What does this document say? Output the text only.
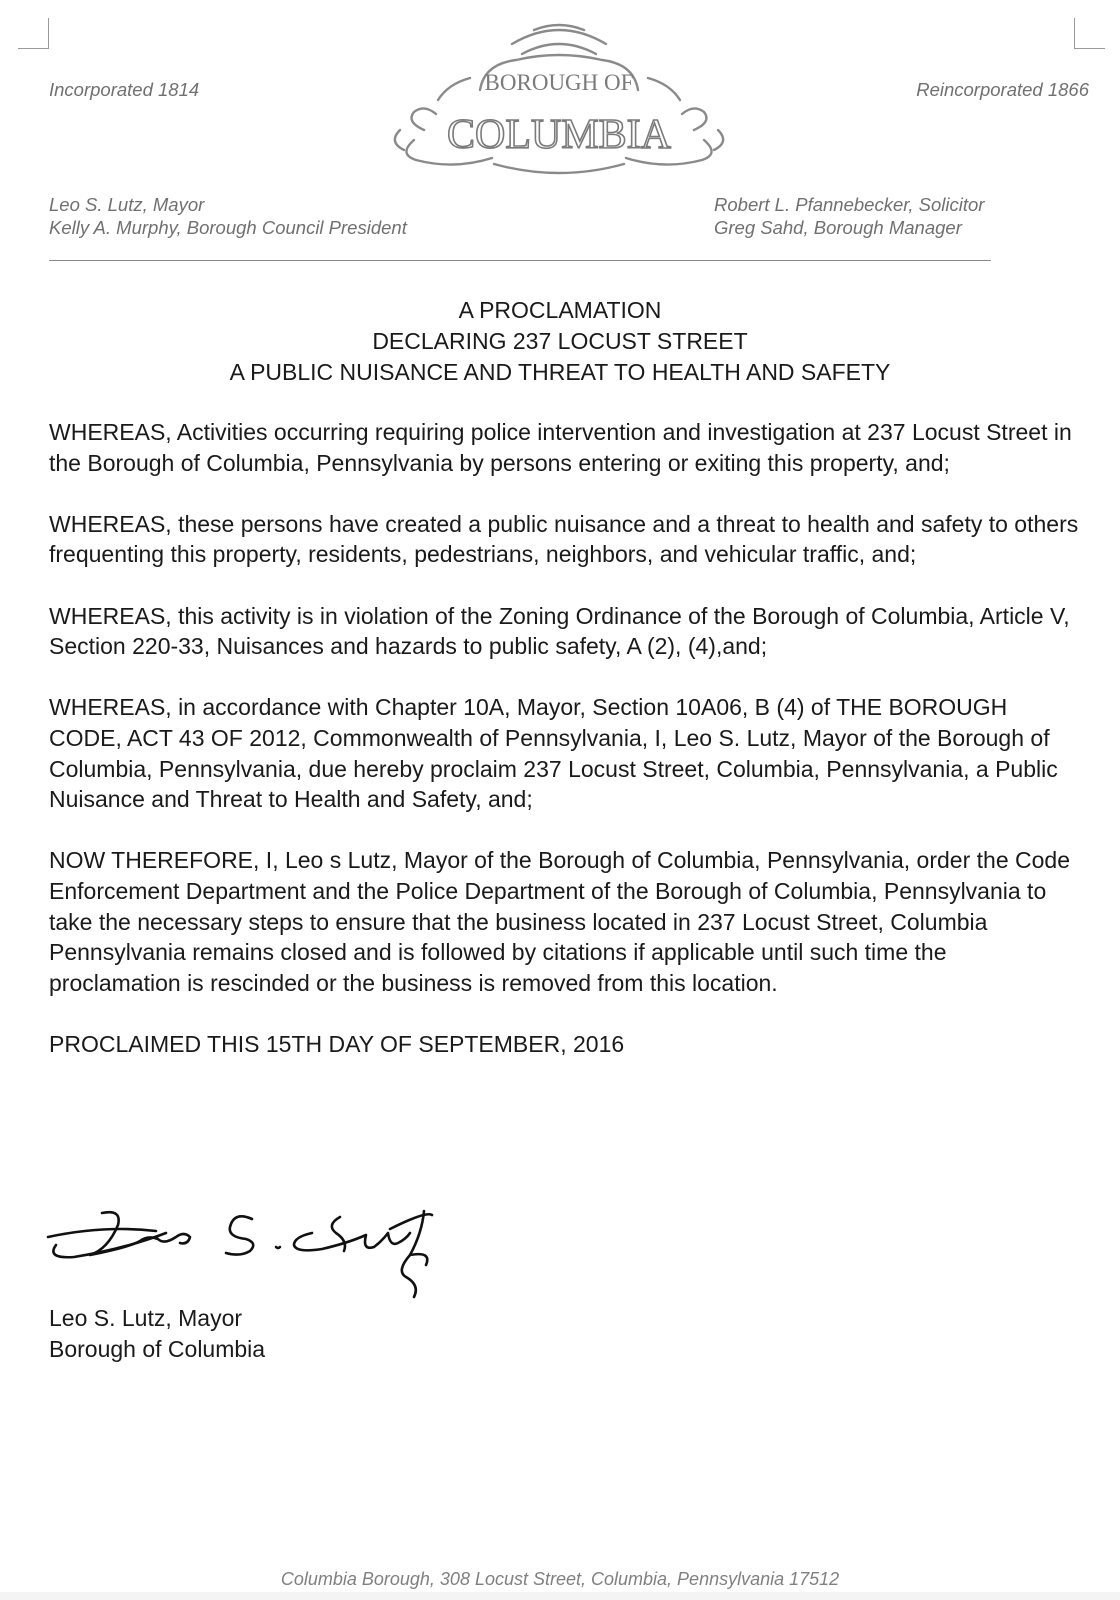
Incorporated 1814	Reincorporated 1866
BOROUGH OF
COLUMBIA
Leo S. Lutz, Mayor
Kelly A. Murphy, Borough Council President
Robert L. Pfannebecker, Solicitor
Greg Sahd, Borough Manager
A PROCLAMATION
DECLARING 237 LOCUST STREET
A PUBLIC NUISANCE AND THREAT TO HEALTH AND SAFETY

WHEREAS, Activities occurring requiring police intervention and investigation at 237 Locust Street in the Borough of Columbia, Pennsylvania by persons entering or exiting this property, and;

WHEREAS, these persons have created a public nuisance and a threat to health and safety to others frequenting this property, residents, pedestrians, neighbors, and vehicular traffic, and;

WHEREAS, this activity is in violation of the Zoning Ordinance of the Borough of Columbia, Article V, Section 220-33, Nuisances and hazards to public safety, A (2), (4),and;

WHEREAS, in accordance with Chapter 10A, Mayor, Section 10A06, B (4) of THE BOROUGH CODE, ACT 43 OF 2012, Commonwealth of Pennsylvania, I, Leo S. Lutz, Mayor of the Borough of Columbia, Pennsylvania, due hereby proclaim 237 Locust Street, Columbia, Pennsylvania, a Public Nuisance and Threat to Health and Safety, and;

NOW THEREFORE, I, Leo s Lutz, Mayor of the Borough of Columbia, Pennsylvania, order the Code Enforcement Department and the Police Department of the Borough of Columbia, Pennsylvania to take the necessary steps to ensure that the business located in 237 Locust Street, Columbia Pennsylvania remains closed and is followed by citations if applicable until such time the proclamation is rescinded or the business is removed from this location.

PROCLAIMED THIS 15TH DAY OF SEPTEMBER, 2016

Leo S. Lutz, Mayor
Borough of Columbia
Columbia Borough, 308 Locust Street, Columbia, Pennsylvania 17512
